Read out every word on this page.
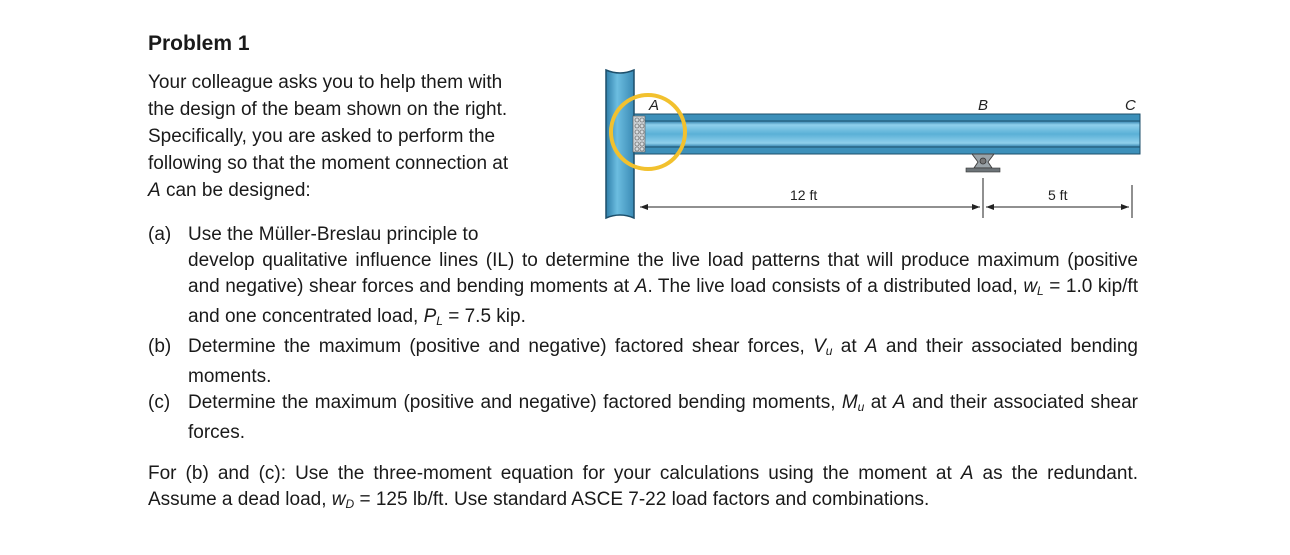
Problem 1
Your colleague asks you to help them with
the design of the beam shown on the right.
Specifically, you are asked to perform the
following so that the moment connection at
A can be designed:
A	B	C
12 ft	5 ft
(a) Use the Müller-Breslau principle to
develop qualitative influence lines (IL) to determine the live load patterns that will produce maximum (positive and negative) shear forces and bending moments at A. The live load consists of a distributed load, $w_L = 1.0$ kip/ft and one concentrated load, $P_L = 7.5$ kip.
(b) Determine the maximum (positive and negative) factored shear forces, $V_u$ at A and their associated bending moments.
(c) Determine the maximum (positive and negative) factored bending moments, $M_u$ at A and their associated shear forces.
For (b) and (c): Use the three-moment equation for your calculations using the moment at A as the redundant. Assume a dead load, $w_D = 125$ lb/ft. Use standard ASCE 7-22 load factors and combinations.
